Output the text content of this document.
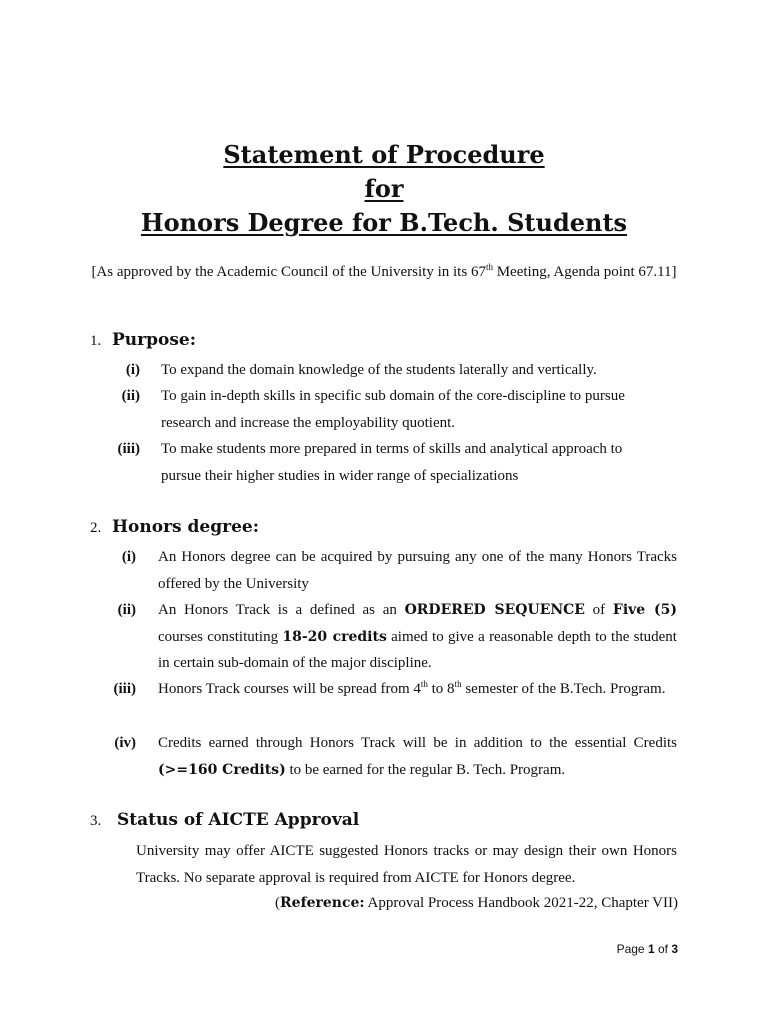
Statement of Procedure
for
Honors Degree for B.Tech. Students
[As approved by the Academic Council of the University in its 67th Meeting, Agenda point 67.11]
1. Purpose:
(i) To expand the domain knowledge of the students laterally and vertically.
(ii) To gain in-depth skills in specific sub domain of the core-discipline to pursue
research and increase the employability quotient.
(iii) To make students more prepared in terms of skills and analytical approach to
pursue their higher studies in wider range of specializations
2. Honors degree:
(i) An Honors degree can be acquired by pursuing any one of the many Honors Tracks offered by the University
(ii) An Honors Track is a defined as an ORDERED SEQUENCE of Five (5) courses constituting 18-20 credits aimed to give a reasonable depth to the student in certain sub-domain of the major discipline.
(iii) Honors Track courses will be spread from 4th to 8th semester of the B.Tech. Program.
(iv) Credits earned through Honors Track will be in addition to the essential Credits (>=160 Credits) to be earned for the regular B. Tech. Program.
3. Status of AICTE Approval
University may offer AICTE suggested Honors tracks or may design their own Honors Tracks. No separate approval is required from AICTE for Honors degree.
(Reference: Approval Process Handbook 2021-22, Chapter VII)
Page 1 of 3
